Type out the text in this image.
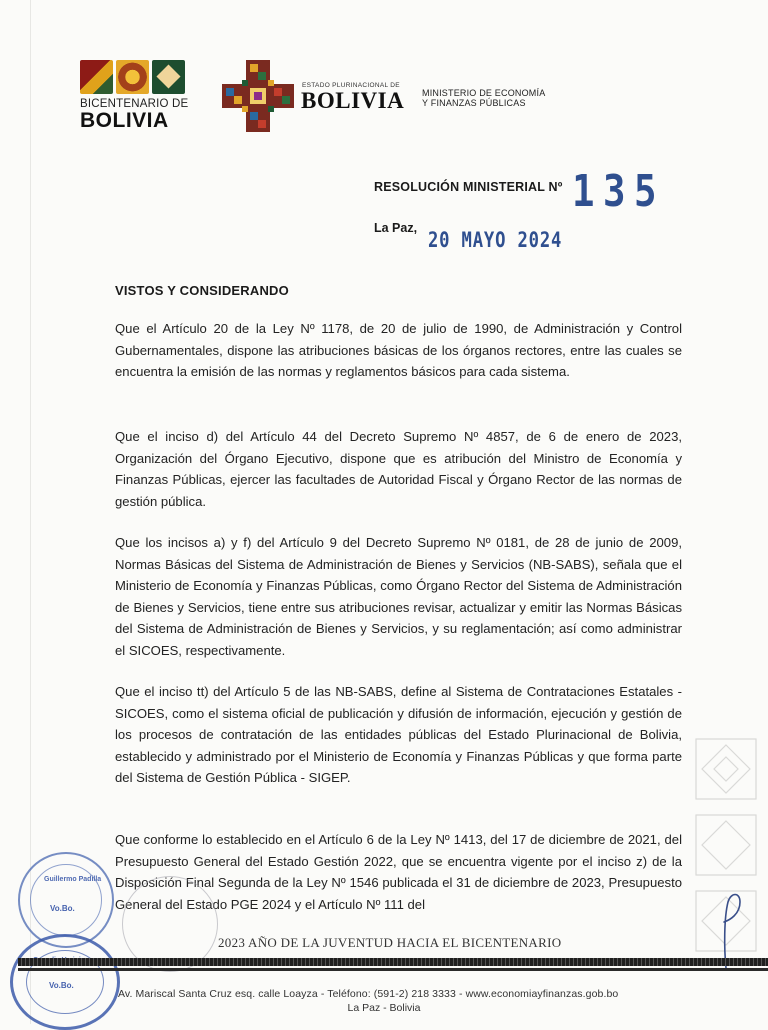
BICENTENARIO DE
BOLIVIA
ESTADO PLURINACIONAL DE
BOLIVIA MINISTERIO DE ECONOMÍA
Y FINANZAS PÚBLICAS
RESOLUCIÓN MINISTERIAL Nº 135
La Paz, 20 MAYO 2024
VISTOS Y CONSIDERANDO

Que el Artículo 20 de la Ley Nº 1178, de 20 de julio de 1990, de Administración y Control Gubernamentales, dispone las atribuciones básicas de los órganos rectores, entre las cuales se encuentra la emisión de las normas y reglamentos básicos para cada sistema.

Que el inciso d) del Artículo 44 del Decreto Supremo Nº 4857, de 6 de enero de 2023, Organización del Órgano Ejecutivo, dispone que es atribución del Ministro de Economía y Finanzas Públicas, ejercer las facultades de Autoridad Fiscal y Órgano Rector de las normas de gestión pública.

Que los incisos a) y f) del Artículo 9 del Decreto Supremo Nº 0181, de 28 de junio de 2009, Normas Básicas del Sistema de Administración de Bienes y Servicios (NB-SABS), señala que el Ministerio de Economía y Finanzas Públicas, como Órgano Rector del Sistema de Administración de Bienes y Servicios, tiene entre sus atribuciones revisar, actualizar y emitir las Normas Básicas del Sistema de Administración de Bienes y Servicios, y su reglamentación; así como administrar el SICOES, respectivamente.

Que el inciso tt) del Artículo 5 de las NB-SABS, define al Sistema de Contrataciones Estatales - SICOES, como el sistema oficial de publicación y difusión de información, ejecución y gestión de los procesos de contratación de las entidades públicas del Estado Plurinacional de Bolivia, establecido y administrado por el Ministerio de Economía y Finanzas Públicas y que forma parte del Sistema de Gestión Pública - SIGEP.

Que conforme lo establecido en el Artículo 6 de la Ley Nº 1413, del 17 de diciembre de 2021, del Presupuesto General del Estado Gestión 2022, que se encuentra vigente por el inciso z) de la Disposición Final Segunda de la Ley Nº 1546 publicada el 31 de diciembre de 2023, Presupuesto General del Estado PGE 2024 y el Artículo Nº 111 del

Guillermo Padilla
Vo.Bo.
Vo.Bo.
2023 AÑO DE LA JUVENTUD HACIA EL BICENTENARIO
Av. Mariscal Santa Cruz esq. calle Loayza - Teléfono: (591-2) 218 3333 - www.economiayfinanzas.gob.bo
La Paz - Bolivia
